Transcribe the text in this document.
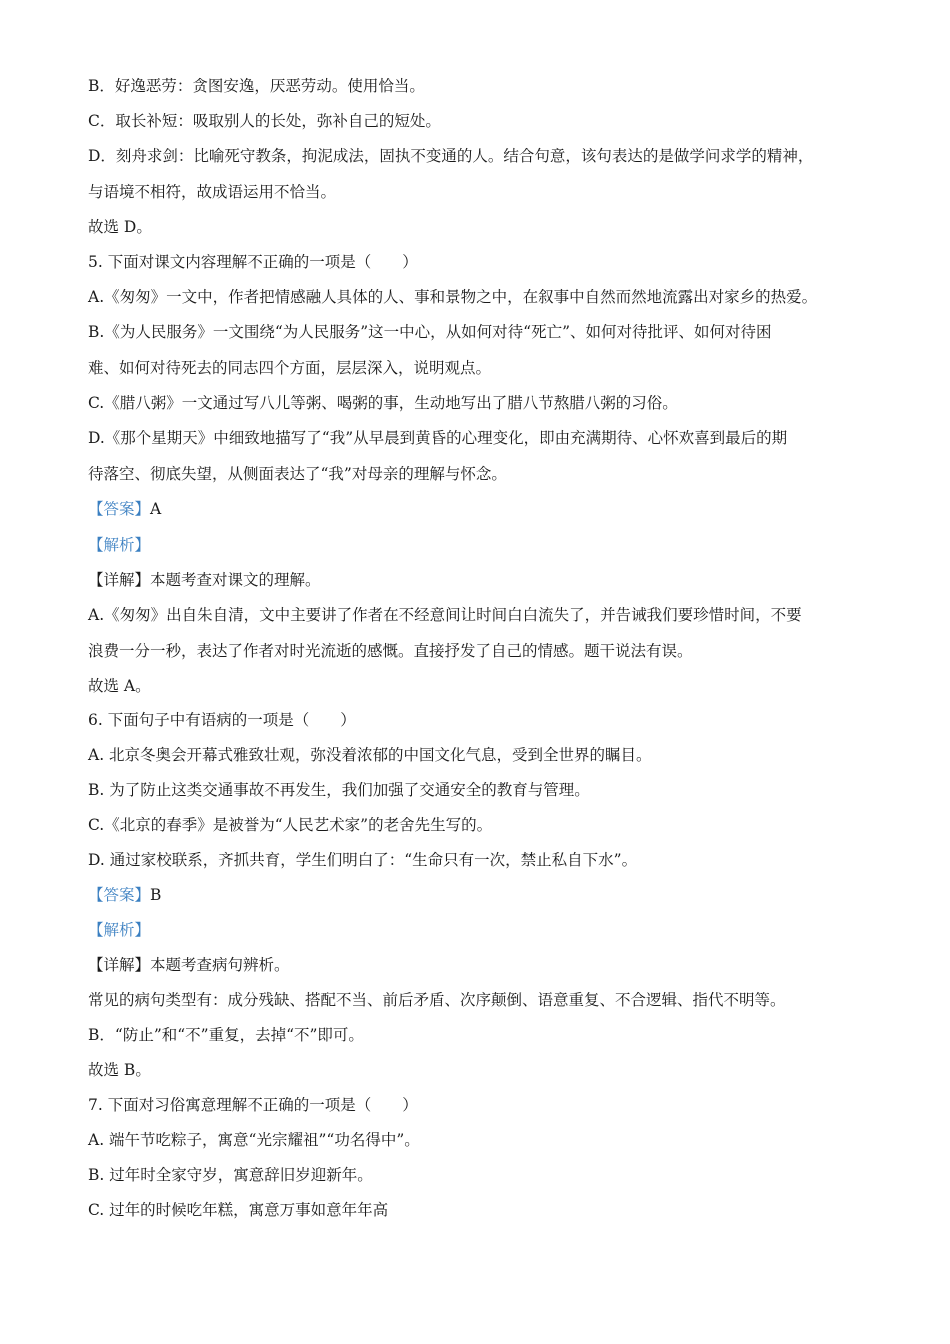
B．好逸恶劳：贪图安逸，厌恶劳动。使用恰当。
C．取长补短：吸取别人的长处，弥补自己的短处。
D．刻舟求剑：比喻死守教条，拘泥成法，固执不变通的人。结合句意，该句表达的是做学问求学的精神，
与语境不相符，故成语运用不恰当。
故选 D。
5. 下面对课文内容理解不正确的一项是（　　）
A.《匆匆》一文中，作者把情感融人具体的人、事和景物之中，在叙事中自然而然地流露出对家乡的热爱。
B.《为人民服务》一文围绕“为人民服务”这一中心，从如何对待“死亡”、如何对待批评、如何对待困
难、如何对待死去的同志四个方面，层层深入，说明观点。
C.《腊八粥》一文通过写八儿等粥、喝粥的事，生动地写出了腊八节熬腊八粥的习俗。
D.《那个星期天》中细致地描写了“我”从早晨到黄昏的心理变化，即由充满期待、心怀欢喜到最后的期
待落空、彻底失望，从侧面表达了“我”对母亲的理解与怀念。
【答案】A
【解析】
【详解】本题考查对课文的理解。
A.《匆匆》出自朱自清，文中主要讲了作者在不经意间让时间白白流失了，并告诫我们要珍惜时间，不要
浪费一分一秒，表达了作者对时光流逝的感慨。直接抒发了自己的情感。题干说法有误。
故选 A。
6. 下面句子中有语病的一项是（　　）
A. 北京冬奥会开幕式雅致壮观，弥没着浓郁的中国文化气息，受到全世界的瞩目。
B. 为了防止这类交通事故不再发生，我们加强了交通安全的教育与管理。
C.《北京的春季》是被誉为“人民艺术家”的老舍先生写的。
D. 通过家校联系，齐抓共育，学生们明白了：“生命只有一次，禁止私自下水”。
【答案】B
【解析】
【详解】本题考查病句辨析。
常见的病句类型有：成分残缺、搭配不当、前后矛盾、次序颠倒、语意重复、不合逻辑、指代不明等。
B．“防止”和“不”重复，去掉“不”即可。
故选 B。
7. 下面对习俗寓意理解不正确的一项是（　　）
A. 端午节吃粽子，寓意“光宗耀祖”“功名得中”。
B. 过年时全家守岁，寓意辞旧岁迎新年。
C. 过年的时候吃年糕，寓意万事如意年年高
